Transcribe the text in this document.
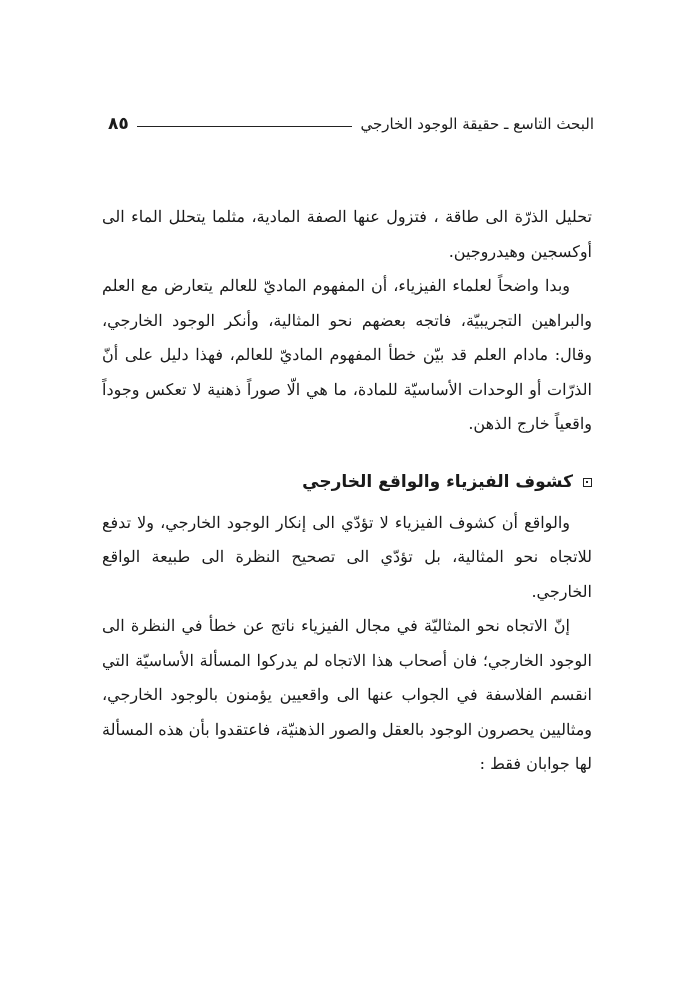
البحث التاسع ـ حقيقة الوجود الخارجي
٨٥

تحليل الذرّة الى طاقة ، فتزول عنها الصفة المادية، مثلما يتحلل الماء الى أوكسجين وهيدروجين.

وبدا واضحاً لعلماء الفيزياء، أن المفهوم الماديّ للعالم يتعارض مع العلم والبراهين التجريبيّة، فاتجه بعضهم نحو المثالية، وأنكر الوجود الخارجي، وقال: مادام العلم قد بيّن خطأ المفهوم الماديّ للعالم، فهذا دليل على أنّ الذرّات أو الوحدات الأساسيّة للمادة، ما هي الّا صوراً ذهنية لا تعكس وجوداً واقعياً خارج الذهن.

كشوف الفيزياء والواقع الخارجي

والواقع أن كشوف الفيزياء لا تؤدّي الى إنكار الوجود الخارجي، ولا تدفع للاتجاه نحو المثالية، بل تؤدّي الى تصحيح النظرة الى طبيعة الواقع الخارجي.

إنّ الاتجاه نحو المثاليّة في مجال الفيزياء ناتج عن خطأ في النظرة الى الوجود الخارجي؛ فان أصحاب هذا الاتجاه لم يدركوا المسألة الأساسيّة التي انقسم الفلاسفة في الجواب عنها الى واقعيين يؤمنون بالوجود الخارجي، ومثاليين يحصرون الوجود بالعقل والصور الذهنيّة، فاعتقدوا بأن هذه المسألة لها جوابان فقط :
